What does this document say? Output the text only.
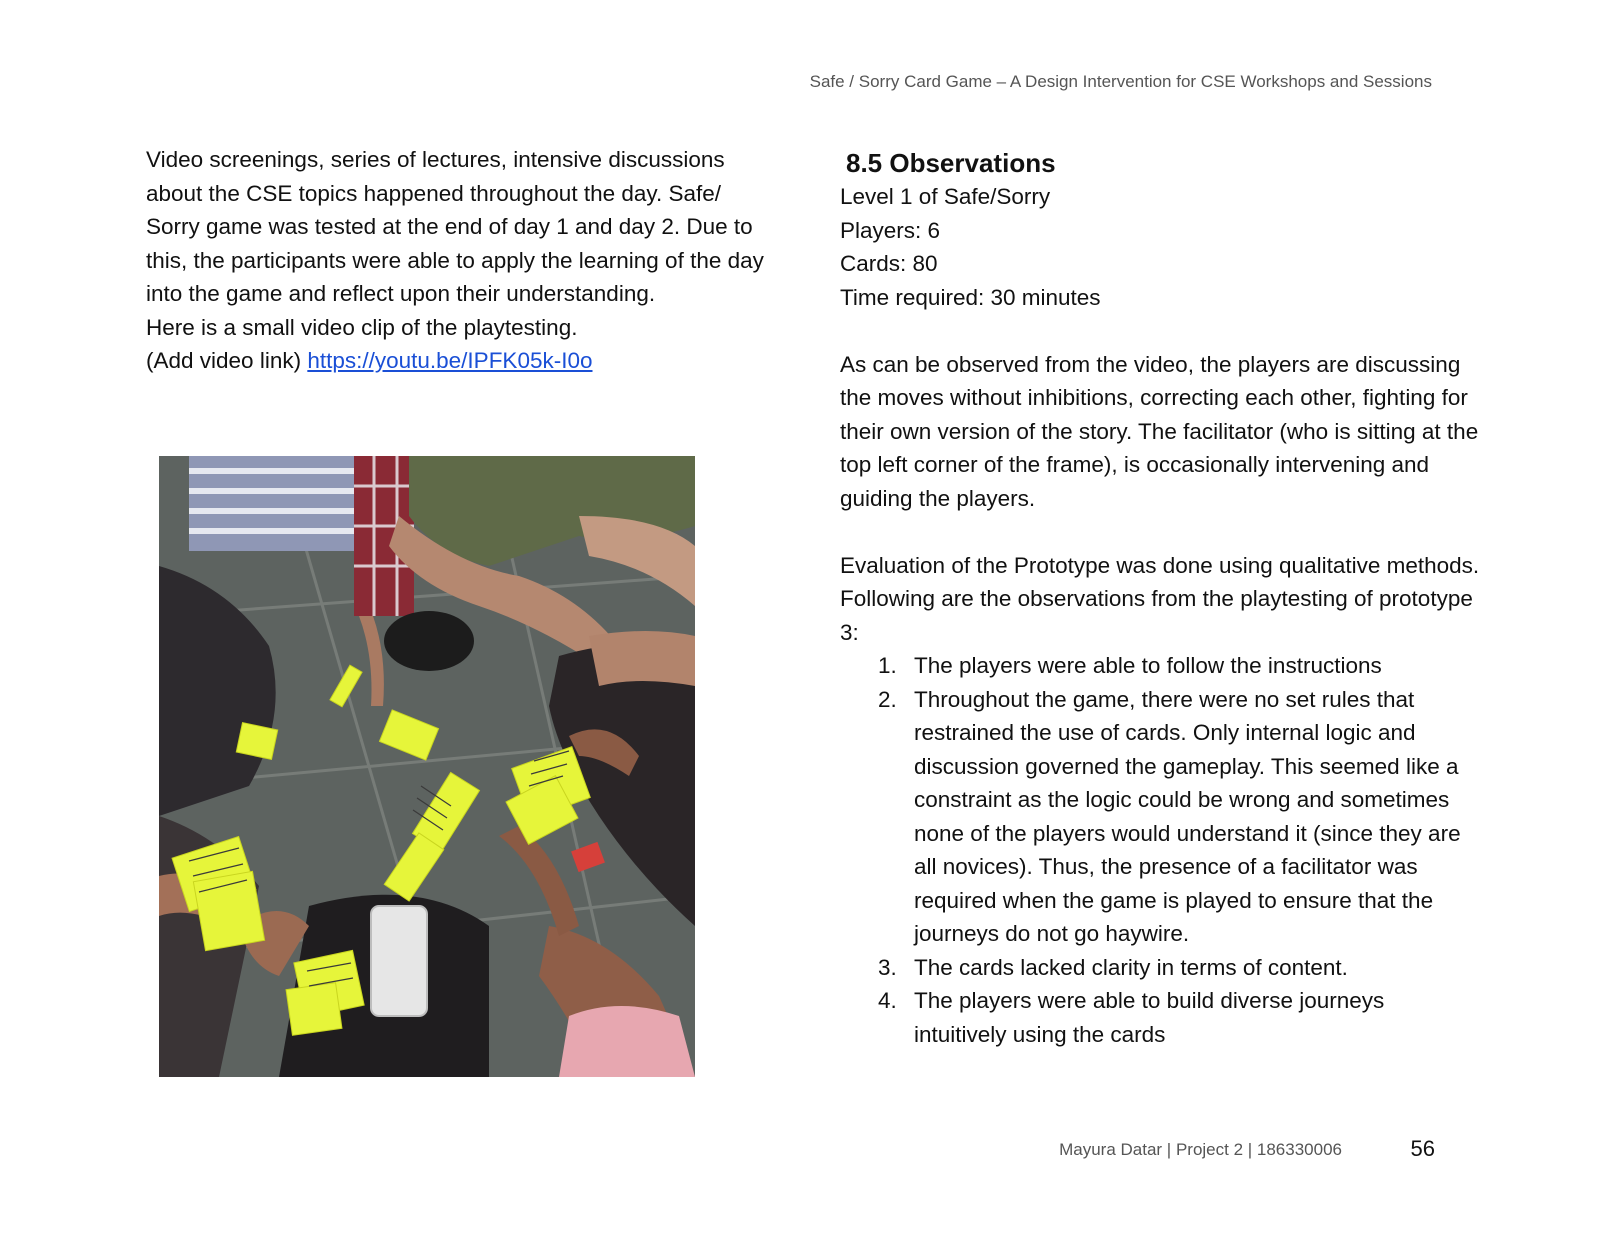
Safe / Sorry Card Game – A Design Intervention for CSE Workshops and Sessions

Video screenings, series of lectures, intensive discussions about the CSE topics happened throughout the day. Safe/ Sorry game was tested at the end of day 1 and day 2. Due to this, the participants were able to apply the learning of the day into the game and reflect upon their understanding.

Here is a small video clip of the playtesting.

(Add video link) https://youtu.be/IPFK05k-I0o

8.5 Observations

Level 1 of Safe/Sorry

Players: 6

Cards: 80

Time required: 30 minutes

As can be observed from the video, the players are discussing the moves without inhibitions, correcting each other, fighting for their own version of the story. The facilitator (who is sitting at the top left corner of the frame), is occasionally intervening and guiding the players.

Evaluation of the Prototype was done using qualitative methods.

Following are the observations from the playtesting of prototype 3:

1. The players were able to follow the instructions
2. Throughout the game, there were no set rules that restrained the use of cards. Only internal logic and discussion governed the gameplay. This seemed like a constraint as the logic could be wrong and sometimes none of the players would understand it (since they are all novices). Thus, the presence of a facilitator was required when the game is played to ensure that the journeys do not go haywire.
3. The cards lacked clarity in terms of content.
4. The players were able to build diverse journeys intuitively using the cards
Mayura Datar | Project 2 | 186330006	56
